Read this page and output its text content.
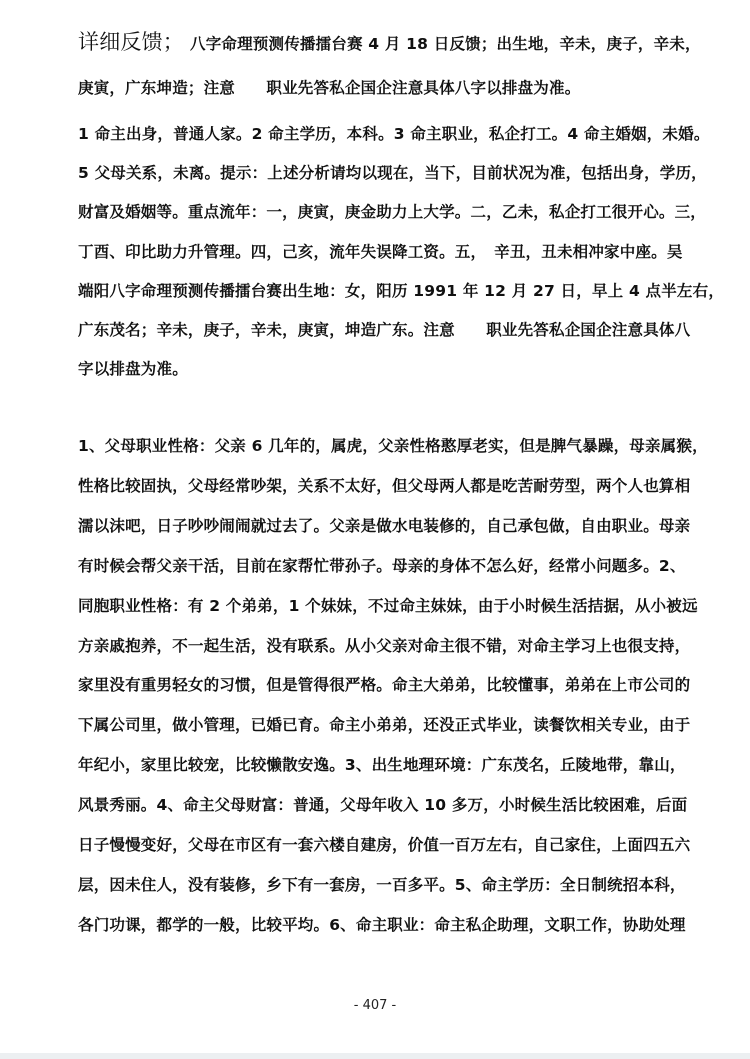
详细反馈； 八字命理预测传播擂台赛 4 月 18 日反馈；出生地，辛未，庚子，辛未，
庚寅，广东坤造；注意　　职业先答私企国企注意具体八字以排盘为准。
1 命主出身，普通人家。2 命主学历，本科。3 命主职业，私企打工。4 命主婚姻，未婚。
5 父母关系，未离。提示：上述分析请均以现在，当下，目前状况为准，包括出身，学历，
财富及婚姻等。重点流年：一，庚寅，庚金助力上大学。二，乙未，私企打工很开心。三，
丁酉、印比助力升管理。四，己亥，流年失误降工资。五，　辛丑，丑未相冲家中座。吴
端阳八字命理预测传播擂台赛出生地：女，阳历 1991 年 12 月 27 日，早上 4 点半左右，
广东茂名；辛未，庚子，辛未，庚寅，坤造广东。注意　　职业先答私企国企注意具体八
字以排盘为准。
1、父母职业性格：父亲 6 几年的，属虎，父亲性格憨厚老实，但是脾气暴躁，母亲属猴，
性格比较固执，父母经常吵架，关系不太好，但父母两人都是吃苦耐劳型，两个人也算相
濡以沫吧，日子吵吵闹闹就过去了。父亲是做水电装修的，自己承包做，自由职业。母亲
有时候会帮父亲干活，目前在家帮忙带孙子。母亲的身体不怎么好，经常小问题多。2、
同胞职业性格：有 2 个弟弟，1 个妹妹，不过命主妹妹，由于小时候生活拮据，从小被远
方亲戚抱养，不一起生活，没有联系。从小父亲对命主很不错，对命主学习上也很支持，
家里没有重男轻女的习惯，但是管得很严格。命主大弟弟，比较懂事，弟弟在上市公司的
下属公司里，做小管理，已婚已育。命主小弟弟，还没正式毕业，读餐饮相关专业，由于
年纪小，家里比较宠，比较懒散安逸。3、出生地理环境：广东茂名，丘陵地带，靠山，
风景秀丽。4、命主父母财富：普通，父母年收入 10 多万，小时候生活比较困难，后面
日子慢慢变好，父母在市区有一套六楼自建房，价值一百万左右，自己家住，上面四五六
层，因未住人，没有装修，乡下有一套房，一百多平。5、命主学历：全日制统招本科，
各门功课，都学的一般，比较平均。6、命主职业：命主私企助理，文职工作，协助处理
- 407 -
